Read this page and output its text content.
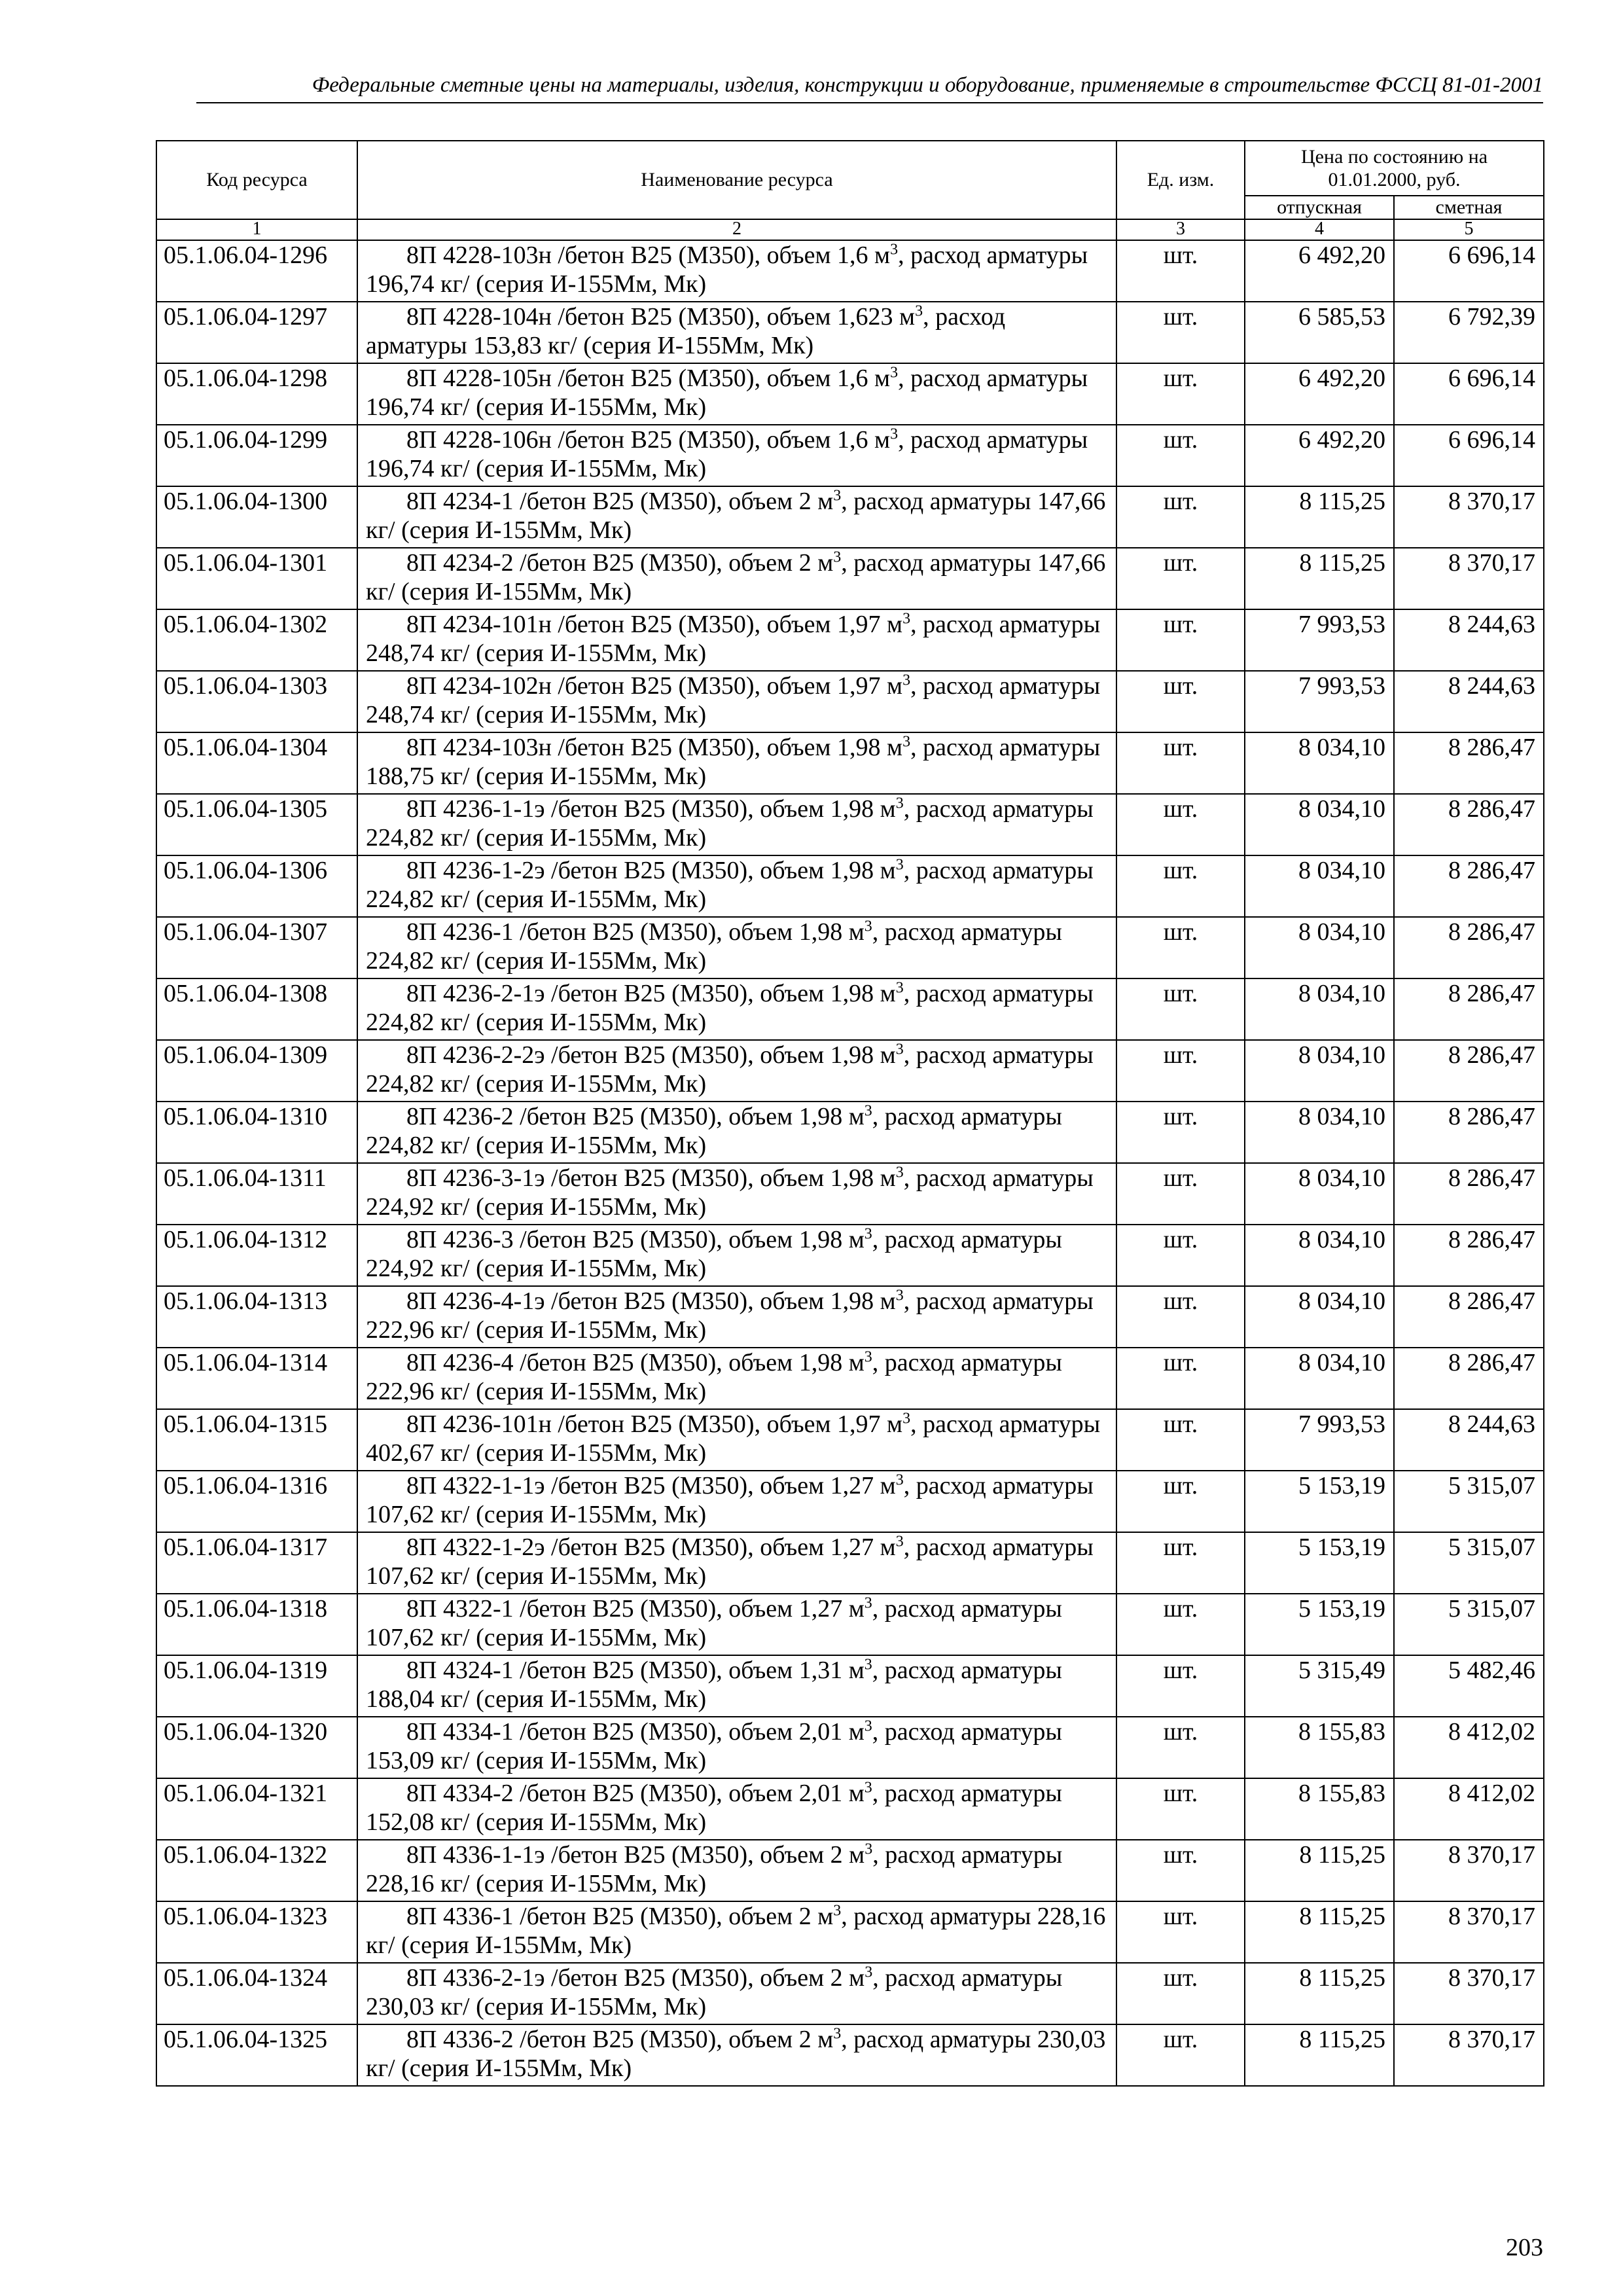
Федеральные сметные цены на материалы, изделия, конструкции и оборудование, применяемые в строительстве ФССЦ 81-01-2001
Код ресурса	Наименование ресурса	Ед. изм.	Цена по состоянию на
01.01.2000, руб.	
			отпускная	сметная
1	2	3	4	5
05.1.06.04-1296	8П 4228-103н /бетон В25 (М350), объем 1,6 $м^3$, расход арматуры 196,74 кг/ (серия И-155Мм, Мк)	шт.	6 492,20	6 696,14
05.1.06.04-1297	8П 4228-104н /бетон В25 (М350), объем 1,623 $м^3$, расход арматуры 153,83 кг/ (серия И-155Мм, Мк)	шт.	6 585,53	6 792,39
05.1.06.04-1298	8П 4228-105н /бетон В25 (М350), объем 1,6 $м^3$, расход арматуры 196,74 кг/ (серия И-155Мм, Мк)	шт.	6 492,20	6 696,14
05.1.06.04-1299	8П 4228-106н /бетон В25 (М350), объем 1,6 $м^3$, расход арматуры 196,74 кг/ (серия И-155Мм, Мк)	шт.	6 492,20	6 696,14
05.1.06.04-1300	8П 4234-1 /бетон В25 (М350), объем 2 $м^3$, расход арматуры 147,66 кг/ (серия И-155Мм, Мк)	шт.	8 115,25	8 370,17
05.1.06.04-1301	8П 4234-2 /бетон В25 (М350), объем 2 $м^3$, расход арматуры 147,66 кг/ (серия И-155Мм, Мк)	шт.	8 115,25	8 370,17
05.1.06.04-1302	8П 4234-101н /бетон В25 (М350), объем 1,97 $м^3$, расход арматуры 248,74 кг/ (серия И-155Мм, Мк)	шт.	7 993,53	8 244,63
05.1.06.04-1303	8П 4234-102н /бетон В25 (М350), объем 1,97 $м^3$, расход арматуры 248,74 кг/ (серия И-155Мм, Мк)	шт.	7 993,53	8 244,63
05.1.06.04-1304	8П 4234-103н /бетон В25 (М350), объем 1,98 $м^3$, расход арматуры 188,75 кг/ (серия И-155Мм, Мк)	шт.	8 034,10	8 286,47
05.1.06.04-1305	8П 4236-1-1э /бетон В25 (М350), объем 1,98 $м^3$, расход арматуры 224,82 кг/ (серия И-155Мм, Мк)	шт.	8 034,10	8 286,47
05.1.06.04-1306	8П 4236-1-2э /бетон В25 (М350), объем 1,98 $м^3$, расход арматуры 224,82 кг/ (серия И-155Мм, Мк)	шт.	8 034,10	8 286,47
05.1.06.04-1307	8П 4236-1 /бетон В25 (М350), объем 1,98 $м^3$, расход арматуры 224,82 кг/ (серия И-155Мм, Мк)	шт.	8 034,10	8 286,47
05.1.06.04-1308	8П 4236-2-1э /бетон В25 (М350), объем 1,98 $м^3$, расход арматуры 224,82 кг/ (серия И-155Мм, Мк)	шт.	8 034,10	8 286,47
05.1.06.04-1309	8П 4236-2-2э /бетон В25 (М350), объем 1,98 $м^3$, расход арматуры 224,82 кг/ (серия И-155Мм, Мк)	шт.	8 034,10	8 286,47
05.1.06.04-1310	8П 4236-2 /бетон В25 (М350), объем 1,98 $м^3$, расход арматуры 224,82 кг/ (серия И-155Мм, Мк)	шт.	8 034,10	8 286,47
05.1.06.04-1311	8П 4236-3-1э /бетон В25 (М350), объем 1,98 $м^3$, расход арматуры 224,92 кг/ (серия И-155Мм, Мк)	шт.	8 034,10	8 286,47
05.1.06.04-1312	8П 4236-3 /бетон В25 (М350), объем 1,98 $м^3$, расход арматуры 224,92 кг/ (серия И-155Мм, Мк)	шт.	8 034,10	8 286,47
05.1.06.04-1313	8П 4236-4-1э /бетон В25 (М350), объем 1,98 $м^3$, расход арматуры 222,96 кг/ (серия И-155Мм, Мк)	шт.	8 034,10	8 286,47
05.1.06.04-1314	8П 4236-4 /бетон В25 (М350), объем 1,98 $м^3$, расход арматуры 222,96 кг/ (серия И-155Мм, Мк)	шт.	8 034,10	8 286,47
05.1.06.04-1315	8П 4236-101н /бетон В25 (М350), объем 1,97 $м^3$, расход арматуры 402,67 кг/ (серия И-155Мм, Мк)	шт.	7 993,53	8 244,63
05.1.06.04-1316	8П 4322-1-1э /бетон В25 (М350), объем 1,27 $м^3$, расход арматуры 107,62 кг/ (серия И-155Мм, Мк)	шт.	5 153,19	5 315,07
05.1.06.04-1317	8П 4322-1-2э /бетон В25 (М350), объем 1,27 $м^3$, расход арматуры 107,62 кг/ (серия И-155Мм, Мк)	шт.	5 153,19	5 315,07
05.1.06.04-1318	8П 4322-1 /бетон В25 (М350), объем 1,27 $м^3$, расход арматуры 107,62 кг/ (серия И-155Мм, Мк)	шт.	5 153,19	5 315,07
05.1.06.04-1319	8П 4324-1 /бетон В25 (М350), объем 1,31 $м^3$, расход арматуры 188,04 кг/ (серия И-155Мм, Мк)	шт.	5 315,49	5 482,46
05.1.06.04-1320	8П 4334-1 /бетон В25 (М350), объем 2,01 $м^3$, расход арматуры 153,09 кг/ (серия И-155Мм, Мк)	шт.	8 155,83	8 412,02
05.1.06.04-1321	8П 4334-2 /бетон В25 (М350), объем 2,01 $м^3$, расход арматуры 152,08 кг/ (серия И-155Мм, Мк)	шт.	8 155,83	8 412,02
05.1.06.04-1322	8П 4336-1-1э /бетон В25 (М350), объем 2 $м^3$, расход арматуры 228,16 кг/ (серия И-155Мм, Мк)	шт.	8 115,25	8 370,17
05.1.06.04-1323	8П 4336-1 /бетон В25 (М350), объем 2 $м^3$, расход арматуры 228,16 кг/ (серия И-155Мм, Мк)	шт.	8 115,25	8 370,17
05.1.06.04-1324	8П 4336-2-1э /бетон В25 (М350), объем 2 $м^3$, расход арматуры 230,03 кг/ (серия И-155Мм, Мк)	шт.	8 115,25	8 370,17
05.1.06.04-1325	8П 4336-2 /бетон В25 (М350), объем 2 $м^3$, расход арматуры 230,03 кг/ (серия И-155Мм, Мк)	шт.	8 115,25	8 370,17
203
